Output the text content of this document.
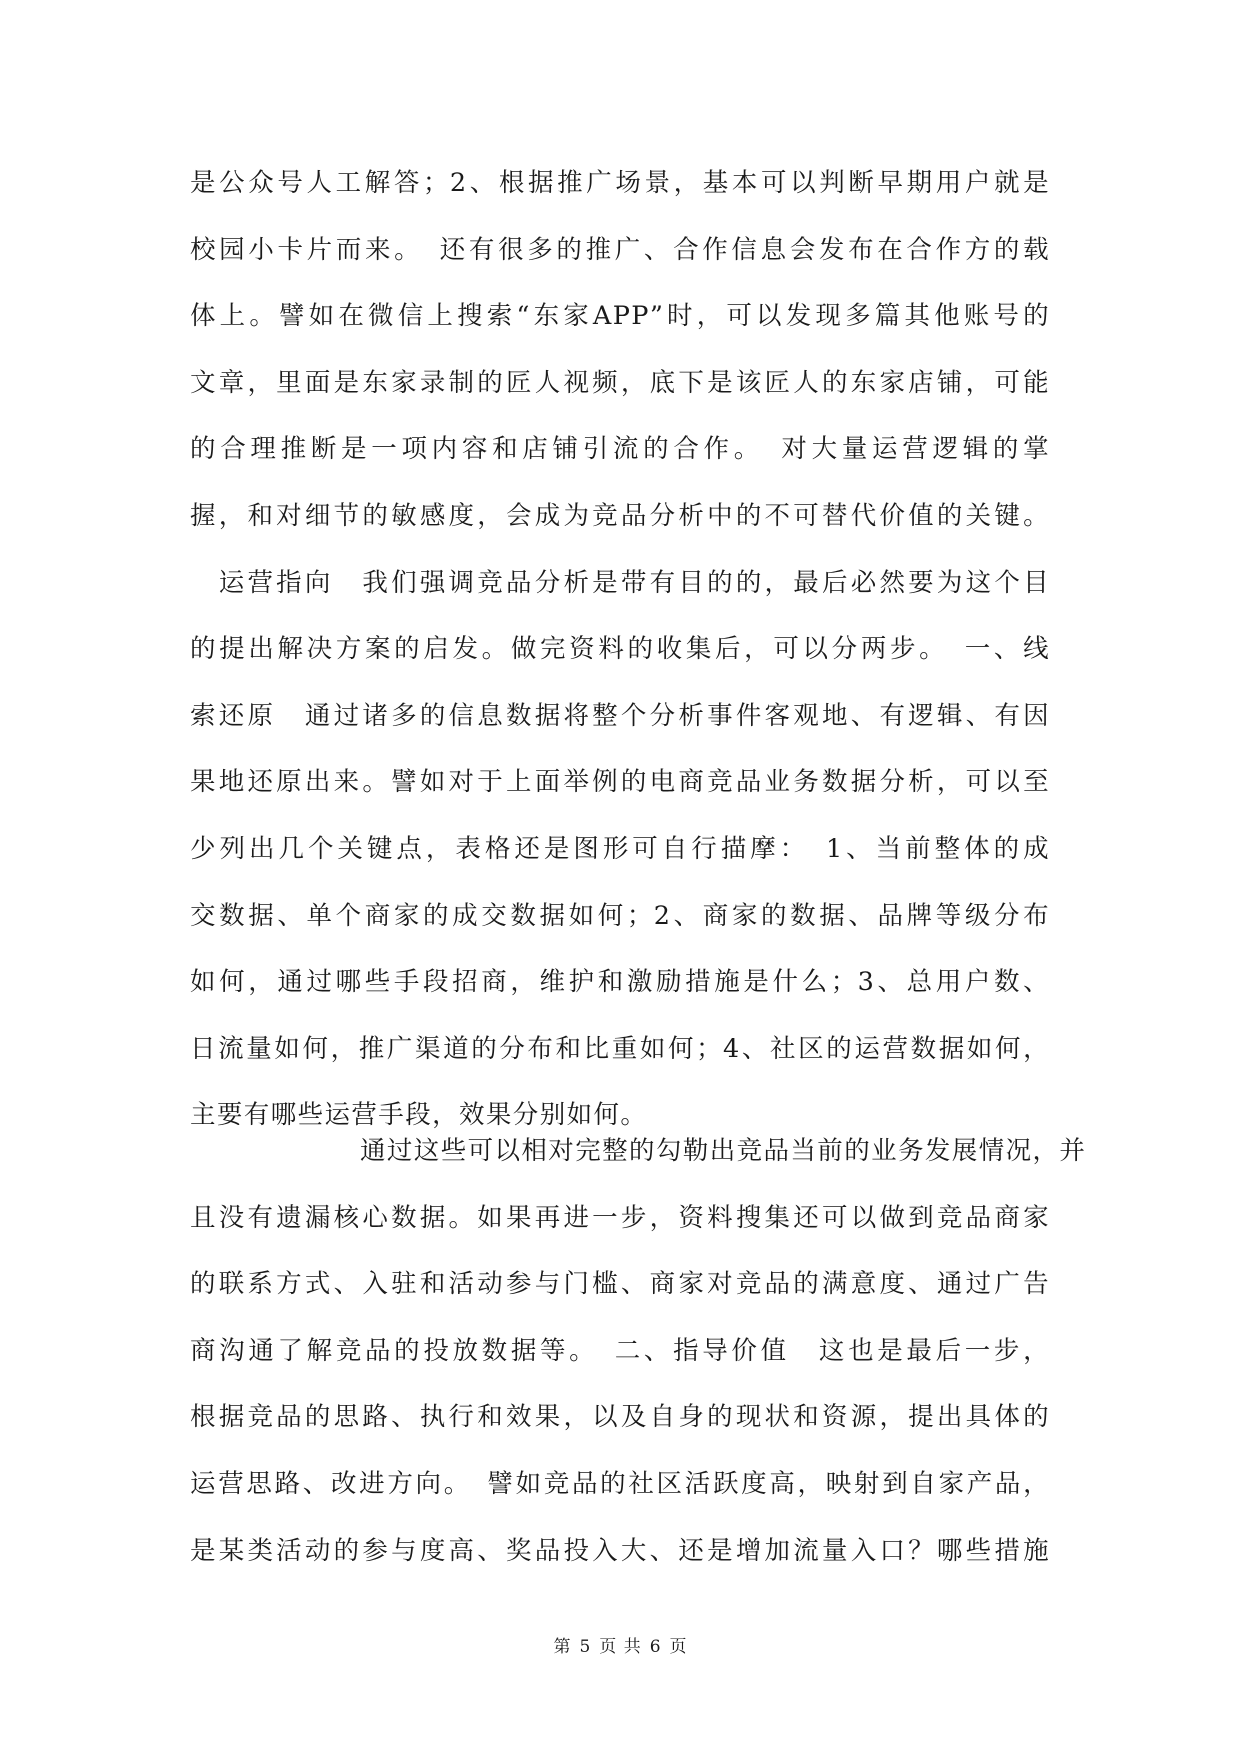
是公众号人工解答；2、根据推广场景，基本可以判断早期用户就是
校园小卡片而来。　还有很多的推广、合作信息会发布在合作方的载
体上。譬如在微信上搜索“东家APP”时，可以发现多篇其他账号的
文章，里面是东家录制的匠人视频，底下是该匠人的东家店铺，可能
的合理推断是一项内容和店铺引流的合作。　对大量运营逻辑的掌
握，和对细节的敏感度，会成为竞品分析中的不可替代价值的关键。
　运营指向　我们强调竞品分析是带有目的的，最后必然要为这个目
的提出解决方案的启发。做完资料的收集后，可以分两步。　一、线
索还原　通过诸多的信息数据将整个分析事件客观地、有逻辑、有因
果地还原出来。譬如对于上面举例的电商竞品业务数据分析，可以至
少列出几个关键点，表格还是图形可自行描摩：　1、当前整体的成
交数据、单个商家的成交数据如何；2、商家的数据、品牌等级分布
如何，通过哪些手段招商，维护和激励措施是什么；3、总用户数、
日流量如何，推广渠道的分布和比重如何；4、社区的运营数据如何，
主要有哪些运营手段，效果分别如何。
通过这些可以相对完整的勾勒出竞品当前的业务发展情况，并
且没有遗漏核心数据。如果再进一步，资料搜集还可以做到竞品商家
的联系方式、入驻和活动参与门槛、商家对竞品的满意度、通过广告
商沟通了解竞品的投放数据等。　二、指导价值　这也是最后一步，
根据竞品的思路、执行和效果，以及自身的现状和资源，提出具体的
运营思路、改进方向。　譬如竞品的社区活跃度高，映射到自家产品，
是某类活动的参与度高、奖品投入大、还是增加流量入口？哪些措施
第 5 页 共 6 页
